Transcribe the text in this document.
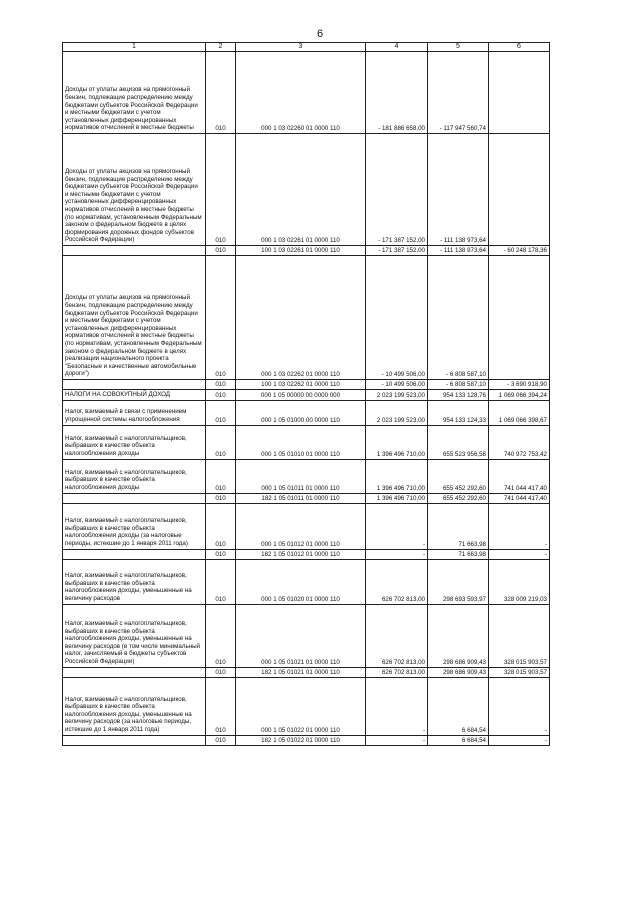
6
1	2	3	4	5	6
Доходы от уплаты акцизов на прямогонный бензин, подлежащие распределению между бюджетами субъектов Российской Федерации и местными бюджетами с учетом установленных дифференцированных нормативов отчислений в местные бюджеты	010	000 1 03 02260 01 0000 110	- 181 886 658,00	- 117 947 560,74	
Доходы от уплаты акцизов на прямогонный бензин, подлежащие распределению между бюджетами субъектов Российской Федерации и местными бюджетами с учетом установленных дифференцированных нормативов отчислений в местные бюджеты (по нормативам, установленным Федеральным законом о федеральном бюджете в целях формирования дорожных фондов субъектов Российской Федерации)	010	000 1 03 02261 01 0000 110	- 171 387 152,00	- 111 138 973,64	
	010	100 1 03 02261 01 0000 110	- 171 387 152,00	- 111 138 973,64	- 60 248 178,36
Доходы от уплаты акцизов на прямогонный бензин, подлежащие распределению между бюджетами субъектов Российской Федерации и местными бюджетами с учетом установленных дифференцированных нормативов отчислений в местные бюджеты (по нормативам, установленным Федеральным законом о федеральном бюджете в целях реализации национального проекта "Безопасные и качественные автомобильные дороги")	010	000 1 03 02262 01 0000 110	- 10 499 506,00	- 6 808 587,10	
	010	100 1 03 02262 01 0000 110	- 10 499 506,00	- 6 808 587,10	- 3 690 918,90
НАЛОГИ НА СОВОКУПНЫЙ ДОХОД	010	000 1 05 00000 00 0000 000	2 023 199 523,00	954 133 128,76	1 069 066 394,24
Налог, взимаемый в связи с применением упрощенной системы налогообложения	010	000 1 05 01000 00 0000 110	2 023 199 523,00	954 133 124,33	1 069 066 398,67
Налог, взимаемый с налогоплательщиков, выбравших в качестве объекта налогообложения доходы	010	000 1 05 01010 01 0000 110	1 396 496 710,00	655 523 956,58	740 972 753,42
Налог, взимаемый с налогоплательщиков, выбравших в качестве объекта налогообложения доходы	010	000 1 05 01011 01 0000 110	1 396 496 710,00	655 452 292,60	741 044 417,40
	010	182 1 05 01011 01 0000 110	1 396 496 710,00	655 452 292,60	741 044 417,40
Налог, взимаемый с налогоплательщиков, выбравших в качестве объекта налогообложения доходы (за налоговые периоды, истекшие до 1 января 2011 года)	010	000 1 05 01012 01 0000 110	-	71 663,98	-
	010	182 1 05 01012 01 0000 110	-	71 663,98	-
Налог, взимаемый с налогоплательщиков, выбравших в качестве объекта налогообложения доходы, уменьшенные на величину расходов	010	000 1 05 01020 01 0000 110	626 702 813,00	298 693 593,97	328 009 219,03
Налог, взимаемый с налогоплательщиков, выбравших в качестве объекта налогообложения доходы, уменьшенные на величину расходов (в том числе минимальный налог, зачисляемый в бюджеты субъектов Российской Федерации)	010	000 1 05 01021 01 0000 110	626 702 813,00	298 686 909,43	328 015 903,57
	010	182 1 05 01021 01 0000 110	626 702 813,00	298 686 909,43	328 015 903,57
Налог, взимаемый с налогоплательщиков, выбравших в качестве объекта налогообложения доходы, уменьшенные на величину расходов (за налоговые периоды, истекшие до 1 января 2011 года)	010	000 1 05 01022 01 0000 110	-	6 684,54	-
	010	182 1 05 01022 01 0000 110	-	6 684,54	-
